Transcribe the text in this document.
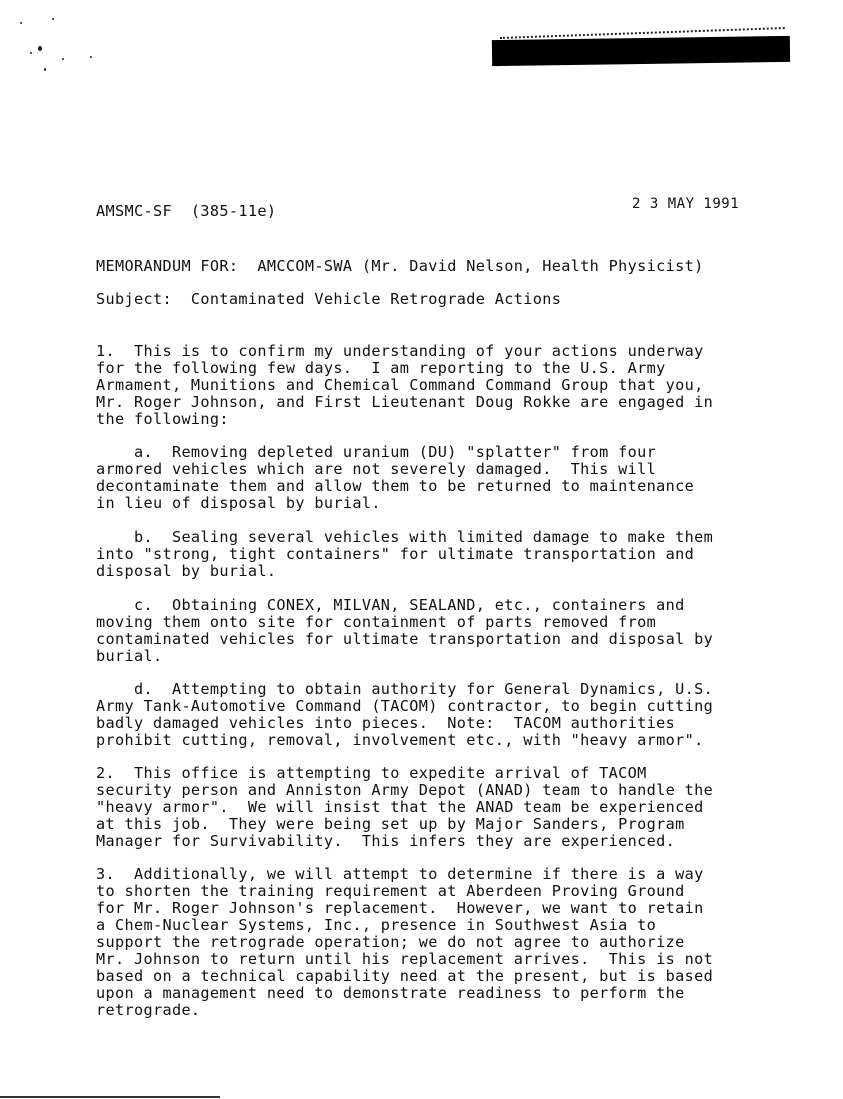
AMSMC-SF  (385-11e)	2 3 MAY 1991
MEMORANDUM FOR:  AMCCOM-SWA (Mr. David Nelson, Health Physicist)
Subject:  Contaminated Vehicle Retrograde Actions
1.  This is to confirm my understanding of your actions underway
for the following few days.  I am reporting to the U.S. Army
Armament, Munitions and Chemical Command Command Group that you,
Mr. Roger Johnson, and First Lieutenant Doug Rokke are engaged in
the following:
a.  Removing depleted uranium (DU) "splatter" from four
armored vehicles which are not severely damaged.  This will
decontaminate them and allow them to be returned to maintenance
in lieu of disposal by burial.
b.  Sealing several vehicles with limited damage to make them
into "strong, tight containers" for ultimate transportation and
disposal by burial.
c.  Obtaining CONEX, MILVAN, SEALAND, etc., containers and
moving them onto site for containment of parts removed from
contaminated vehicles for ultimate transportation and disposal by
burial.
d.  Attempting to obtain authority for General Dynamics, U.S.
Army Tank-Automotive Command (TACOM) contractor, to begin cutting
badly damaged vehicles into pieces.  Note:  TACOM authorities
prohibit cutting, removal, involvement etc., with "heavy armor".
2.  This office is attempting to expedite arrival of TACOM
security person and Anniston Army Depot (ANAD) team to handle the
"heavy armor".  We will insist that the ANAD team be experienced
at this job.  They were being set up by Major Sanders, Program
Manager for Survivability.  This infers they are experienced.
3.  Additionally, we will attempt to determine if there is a way
to shorten the training requirement at Aberdeen Proving Ground
for Mr. Roger Johnson's replacement.  However, we want to retain
a Chem-Nuclear Systems, Inc., presence in Southwest Asia to
support the retrograde operation; we do not agree to authorize
Mr. Johnson to return until his replacement arrives.  This is not
based on a technical capability need at the present, but is based
upon a management need to demonstrate readiness to perform the
retrograde.
